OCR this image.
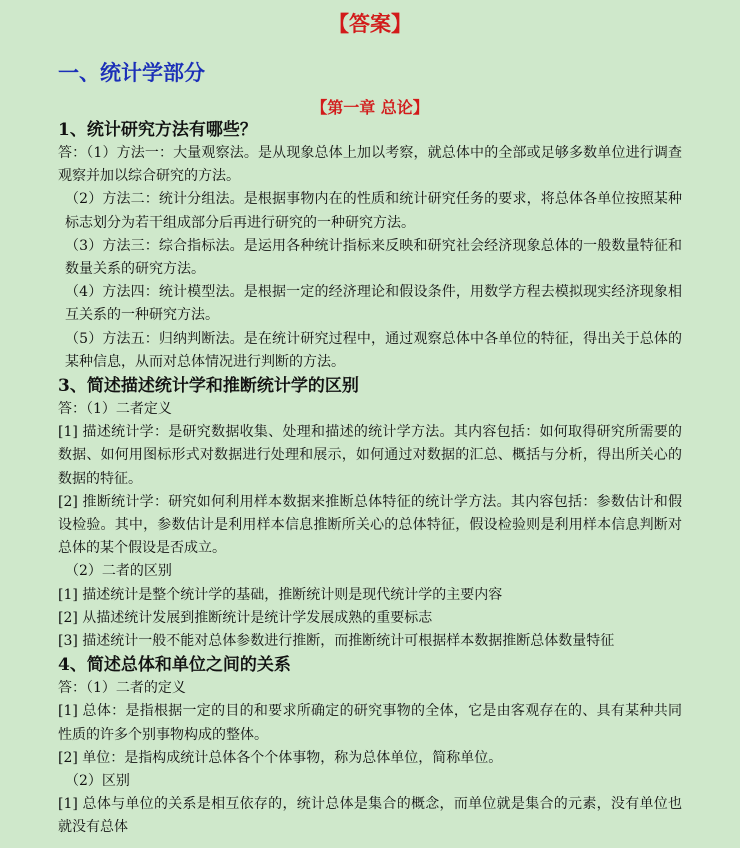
【答案】
一、统计学部分
【第一章 总论】

1、统计研究方法有哪些？

答：（1）方法一：大量观察法。是从现象总体上加以考察，就总体中的全部或足够多数单位进行调查观察并加以综合研究的方法。

（2）方法二：统计分组法。是根据事物内在的性质和统计研究任务的要求，将总体各单位按照某种标志划分为若干组成部分后再进行研究的一种研究方法。

（3）方法三：综合指标法。是运用各种统计指标来反映和研究社会经济现象总体的一般数量特征和数量关系的研究方法。

（4）方法四：统计模型法。是根据一定的经济理论和假设条件，用数学方程去模拟现实经济现象相互关系的一种研究方法。

（5）方法五：归纳判断法。是在统计研究过程中，通过观察总体中各单位的特征，得出关于总体的某种信息，从而对总体情况进行判断的方法。

3、简述描述统计学和推断统计学的区别

答：（1）二者定义

[1] 描述统计学：是研究数据收集、处理和描述的统计学方法。其内容包括：如何取得研究所需要的数据、如何用图标形式对数据进行处理和展示，如何通过对数据的汇总、概括与分析，得出所关心的数据的特征。

[2] 推断统计学：研究如何利用样本数据来推断总体特征的统计学方法。其内容包括：参数估计和假设检验。其中，参数估计是利用样本信息推断所关心的总体特征，假设检验则是利用样本信息判断对总体的某个假设是否成立。

（2）二者的区别

[1] 描述统计是整个统计学的基础，推断统计则是现代统计学的主要内容

[2] 从描述统计发展到推断统计是统计学发展成熟的重要标志

[3] 描述统计一般不能对总体参数进行推断，而推断统计可根据样本数据推断总体数量特征

4、简述总体和单位之间的关系

答：（1）二者的定义

[1] 总体：是指根据一定的目的和要求所确定的研究事物的全体，它是由客观存在的、具有某种共同性质的许多个别事物构成的整体。

[2] 单位：是指构成统计总体各个个体事物，称为总体单位，简称单位。

（2）区别

[1] 总体与单位的关系是相互依存的，统计总体是集合的概念，而单位就是集合的元素，没有单位也就没有总体
